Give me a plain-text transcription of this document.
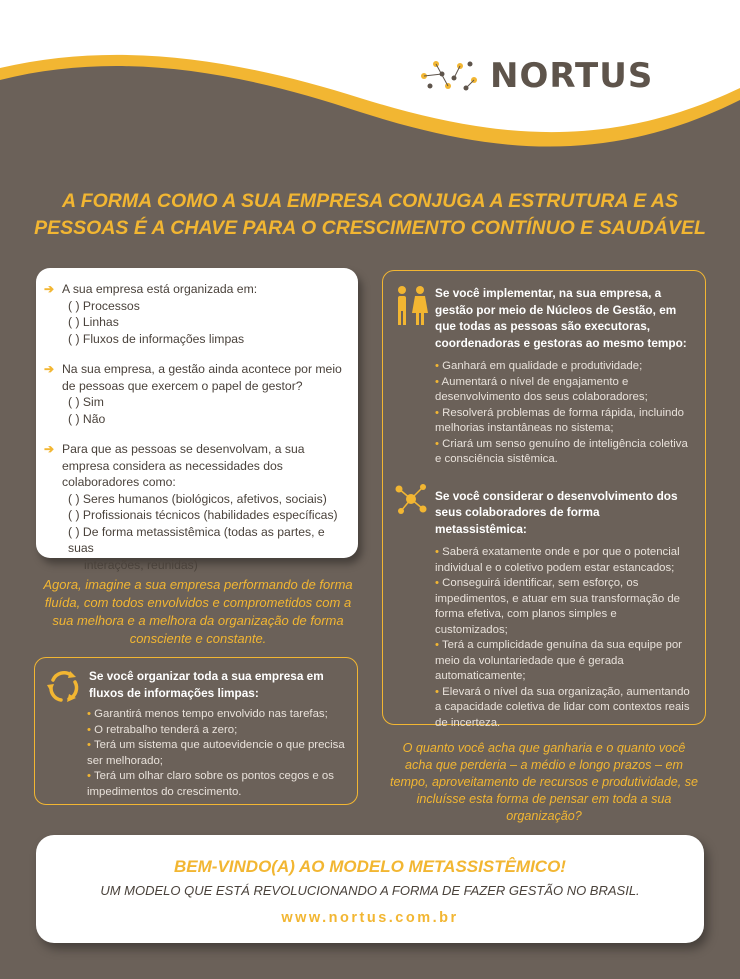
NORTUS
A FORMA COMO A SUA EMPRESA CONJUGA A ESTRUTURA E AS
PESSOAS É A CHAVE PARA O CRESCIMENTO CONTÍNUO E SAUDÁVEL
➔ A sua empresa está organizada em:
( ) Processos
( ) Linhas
( ) Fluxos de informações limpas
➔ Na sua empresa, a gestão ainda acontece por meio de pessoas que exercem o papel de gestor?
( ) Sim
( ) Não
➔ Para que as pessoas se desenvolvam, a sua empresa considera as necessidades dos colaboradores como:
( ) Seres humanos (biológicos, afetivos, sociais)
( ) Profissionais técnicos (habilidades específicas)
( ) De forma metassistêmica (todas as partes, e suas
interações, reunidas)
Agora, imagine a sua empresa performando de forma fluída, com todos envolvidos e comprometidos com a sua melhora e a melhora da organização de forma consciente e constante.
Se você organizar toda a sua empresa em fluxos de informações limpas:
• Garantirá menos tempo envolvido nas tarefas;
• O retrabalho tenderá a zero;
• Terá um sistema que autoevidencie o que precisa ser melhorado;
• Terá um olhar claro sobre os pontos cegos e os impedimentos do crescimento.
Se você implementar, na sua empresa, a gestão por meio de Núcleos de Gestão, em que todas as pessoas são executoras, coordenadoras e gestoras ao mesmo tempo:
• Ganhará em qualidade e produtividade;
• Aumentará o nível de engajamento e desenvolvimento dos seus colaboradores;
• Resolverá problemas de forma rápida, incluindo melhorias instantâneas no sistema;
• Criará um senso genuíno de inteligência coletiva e consciência sistêmica.
Se você considerar o desenvolvimento dos seus colaboradores de forma metassistêmica:
• Saberá exatamente onde e por que o potencial individual e o coletivo podem estar estancados;
• Conseguirá identificar, sem esforço, os impedimentos, e atuar em sua transformação de forma efetiva, com planos simples e customizados;
• Terá a cumplicidade genuína da sua equipe por meio da voluntariedade que é gerada automaticamente;
• Elevará o nível da sua organização, aumentando a capacidade coletiva de lidar com contextos reais de incerteza.
O quanto você acha que ganharia e o quanto você acha que perderia – a médio e longo prazos – em tempo, aproveitamento de recursos e produtividade, se incluísse esta forma de pensar em toda a sua organização?
BEM-VINDO(A) AO MODELO METASSISTÊMICO!
UM MODELO QUE ESTÁ REVOLUCIONANDO A FORMA DE FAZER GESTÃO NO BRASIL.
www.nortus.com.br
